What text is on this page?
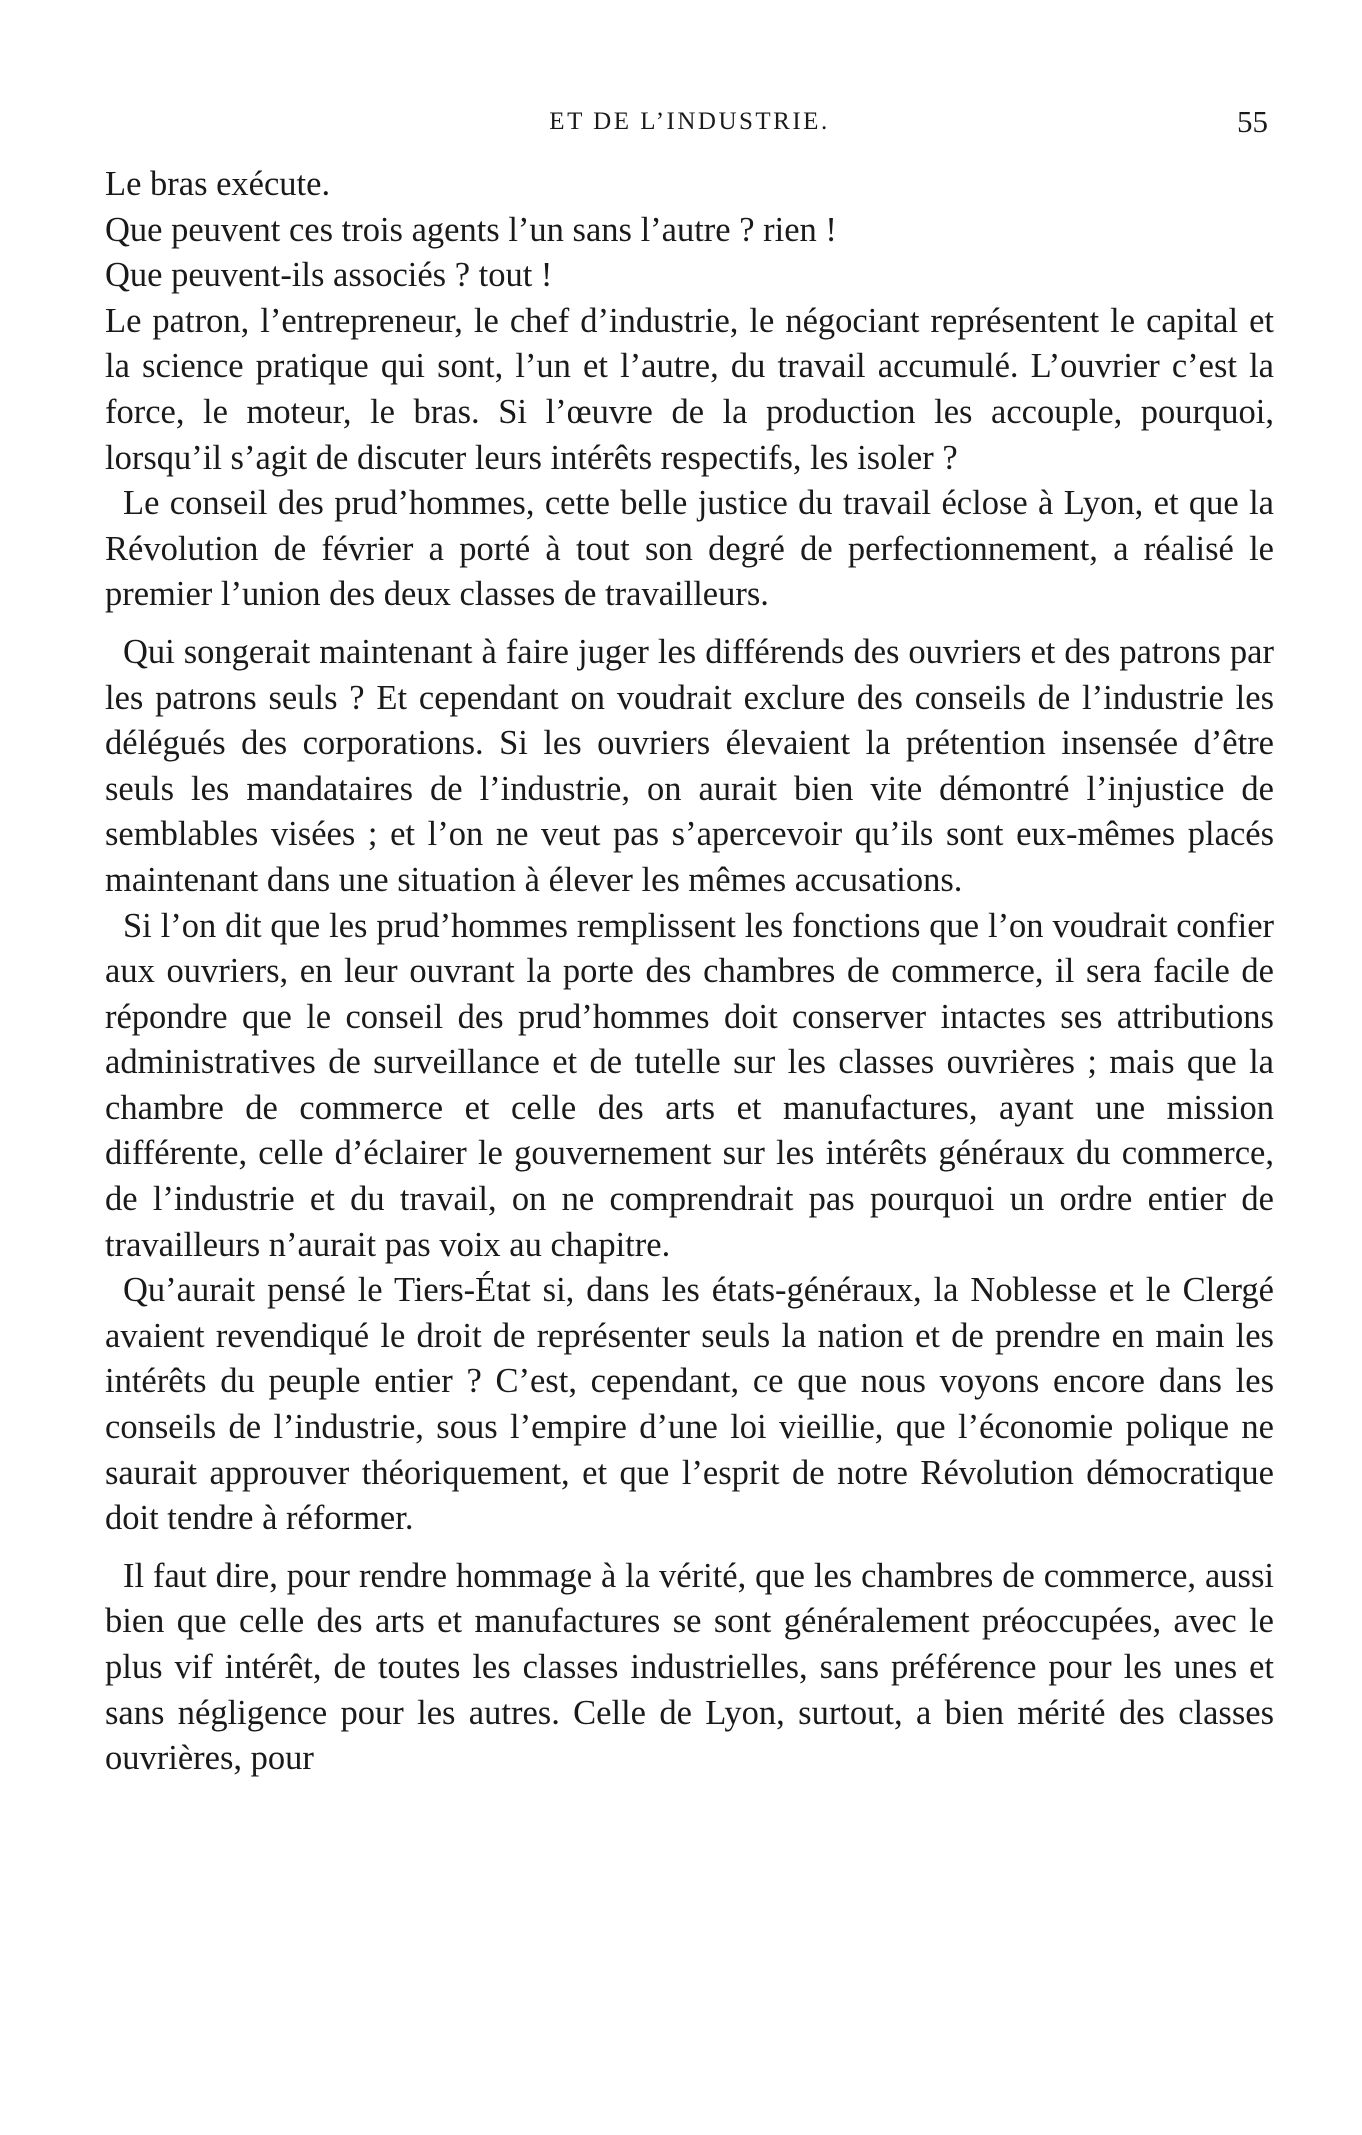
ET DE L’INDUSTRIE.	55

Le bras exécute.

Que peuvent ces trois agents l’un sans l’autre ? rien !

Que peuvent-ils associés ? tout !

Le patron, l’entrepreneur, le chef d’industrie, le négociant représentent le capital et la science pratique qui sont, l’un et l’autre, du travail accumulé. L’ouvrier c’est la force, le moteur, le bras. Si l’œuvre de la production les accouple, pourquoi, lorsqu’il s’agit de discuter leurs intérêts respectifs, les isoler ?

Le conseil des prud’hommes, cette belle justice du travail éclose à Lyon, et que la Révolution de février a porté à tout son degré de perfectionnement, a réalisé le premier l’union des deux classes de travailleurs.

Qui songerait maintenant à faire juger les différends des ouvriers et des patrons par les patrons seuls ? Et cependant on voudrait exclure des conseils de l’industrie les délégués des corporations. Si les ouvriers élevaient la prétention insensée d’être seuls les mandataires de l’industrie, on aurait bien vite démontré l’injustice de semblables visées ; et l’on ne veut pas s’apercevoir qu’ils sont eux-mêmes placés maintenant dans une situation à élever les mêmes accusations.

Si l’on dit que les prud’hommes remplissent les fonctions que l’on voudrait confier aux ouvriers, en leur ouvrant la porte des chambres de commerce, il sera facile de répondre que le conseil des prud’hommes doit conserver intactes ses attributions administratives de surveillance et de tutelle sur les classes ouvrières ; mais que la chambre de commerce et celle des arts et manufactures, ayant une mission différente, celle d’éclairer le gouvernement sur les intérêts généraux du commerce, de l’industrie et du travail, on ne comprendrait pas pourquoi un ordre entier de travailleurs n’aurait pas voix au chapitre.

Qu’aurait pensé le Tiers-État si, dans les états-généraux, la Noblesse et le Clergé avaient revendiqué le droit de représenter seuls la nation et de prendre en main les intérêts du peuple entier ? C’est, cependant, ce que nous voyons encore dans les conseils de l’industrie, sous l’empire d’une loi vieillie, que l’économie polique ne saurait approuver théoriquement, et que l’esprit de notre Révolution démocratique doit tendre à réformer.

Il faut dire, pour rendre hommage à la vérité, que les chambres de commerce, aussi bien que celle des arts et manufactures se sont généralement préoccupées, avec le plus vif intérêt, de toutes les classes industrielles, sans préférence pour les unes et sans négligence pour les autres. Celle de Lyon, surtout, a bien mérité des classes ouvrières, pour
